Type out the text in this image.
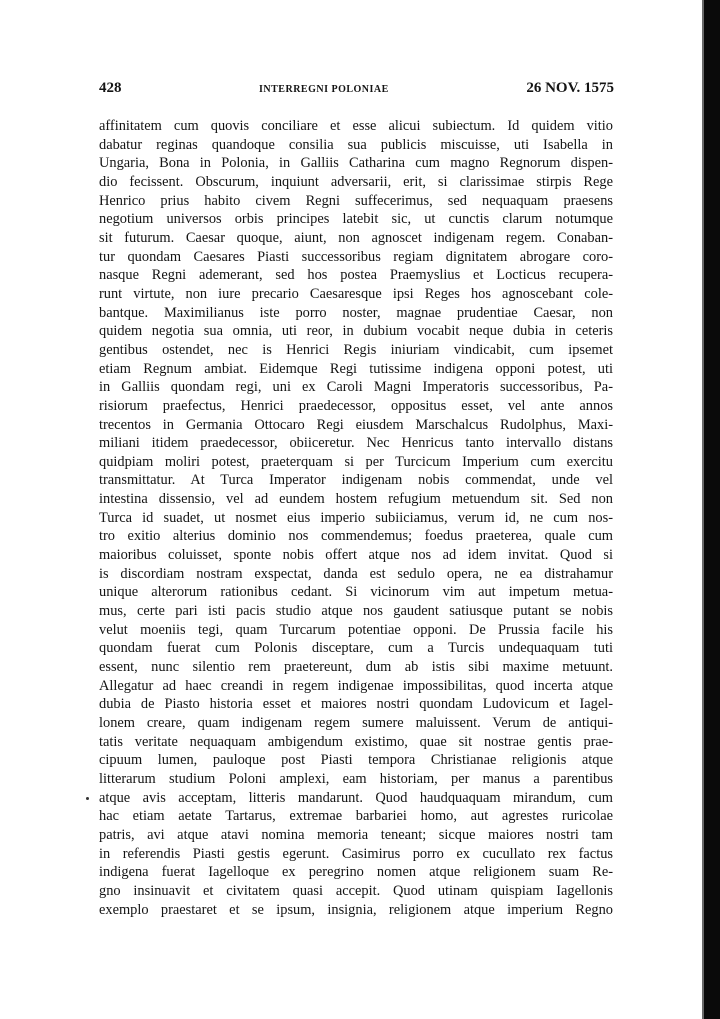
428	INTERREGNI POLONIAE	26 NOV. 1575
affinitatem cum quovis conciliare et esse alicui subiectum. Id quidem vitio
dabatur reginas quandoque consilia sua publicis miscuisse, uti Isabella in
Ungaria, Bona in Polonia, in Galliis Catharina cum magno Regnorum dispen-
dio fecissent. Obscurum, inquiunt adversarii, erit, si clarissimae stirpis Rege
Henrico prius habito civem Regni suffecerimus, sed nequaquam praesens
negotium universos orbis principes latebit sic, ut cunctis clarum notumque
sit futurum. Caesar quoque, aiunt, non agnoscet indigenam regem. Conaban-
tur quondam Caesares Piasti successoribus regiam dignitatem abrogare coro-
nasque Regni ademerant, sed hos postea Praemyslius et Locticus recupera-
runt virtute, non iure precario Caesaresque ipsi Reges hos agnoscebant cole-
bantque. Maximilianus iste porro noster, magnae prudentiae Caesar, non
quidem negotia sua omnia, uti reor, in dubium vocabit neque dubia in ceteris
gentibus ostendet, nec is Henrici Regis iniuriam vindicabit, cum ipsemet
etiam Regnum ambiat. Eidemque Regi tutissime indigena opponi potest, uti
in Galliis quondam regi, uni ex Caroli Magni Imperatoris successoribus, Pa-
risiorum praefectus, Henrici praedecessor, oppositus esset, vel ante annos
trecentos in Germania Ottocaro Regi eiusdem Marschalcus Rudolphus, Maxi-
miliani itidem praedecessor, obiiceretur. Nec Henricus tanto intervallo distans
quidpiam moliri potest, praeterquam si per Turcicum Imperium cum exercitu
transmittatur. At Turca Imperator indigenam nobis commendat, unde vel
intestina dissensio, vel ad eundem hostem refugium metuendum sit. Sed non
Turca id suadet, ut nosmet eius imperio subiiciamus, verum id, ne cum nos-
tro exitio alterius dominio nos commendemus; foedus praeterea, quale cum
maioribus coluisset, sponte nobis offert atque nos ad idem invitat. Quod si
is discordiam nostram exspectat, danda est sedulo opera, ne ea distrahamur
unique alterorum rationibus cedant. Si vicinorum vim aut impetum metua-
mus, certe pari isti pacis studio atque nos gaudent satiusque putant se nobis
velut moeniis tegi, quam Turcarum potentiae opponi. De Prussia facile his
quondam fuerat cum Polonis disceptare, cum a Turcis undequaquam tuti
essent, nunc silentio rem praetereunt, dum ab istis sibi maxime metuunt.
Allegatur ad haec creandi in regem indigenae impossibilitas, quod incerta atque
dubia de Piasto historia esset et maiores nostri quondam Ludovicum et Iagel-
lonem creare, quam indigenam regem sumere maluissent. Verum de antiqui-
tatis veritate nequaquam ambigendum existimo, quae sit nostrae gentis prae-
cipuum lumen, pauloque post Piasti tempora Christianae religionis atque
litterarum studium Poloni amplexi, eam historiam, per manus a parentibus
atque avis acceptam, litteris mandarunt. Quod haudquaquam mirandum, cum
hac etiam aetate Tartarus, extremae barbariei homo, aut agrestes ruricolae
patris, avi atque atavi nomina memoria teneant; sicque maiores nostri tam
in referendis Piasti gestis egerunt. Casimirus porro ex cucullato rex factus
indigena fuerat Iagelloque ex peregrino nomen atque religionem suam Re-
gno insinuavit et civitatem quasi accepit. Quod utinam quispiam Iagellonis
exemplo praestaret et se ipsum, insignia, religionem atque imperium Regno
